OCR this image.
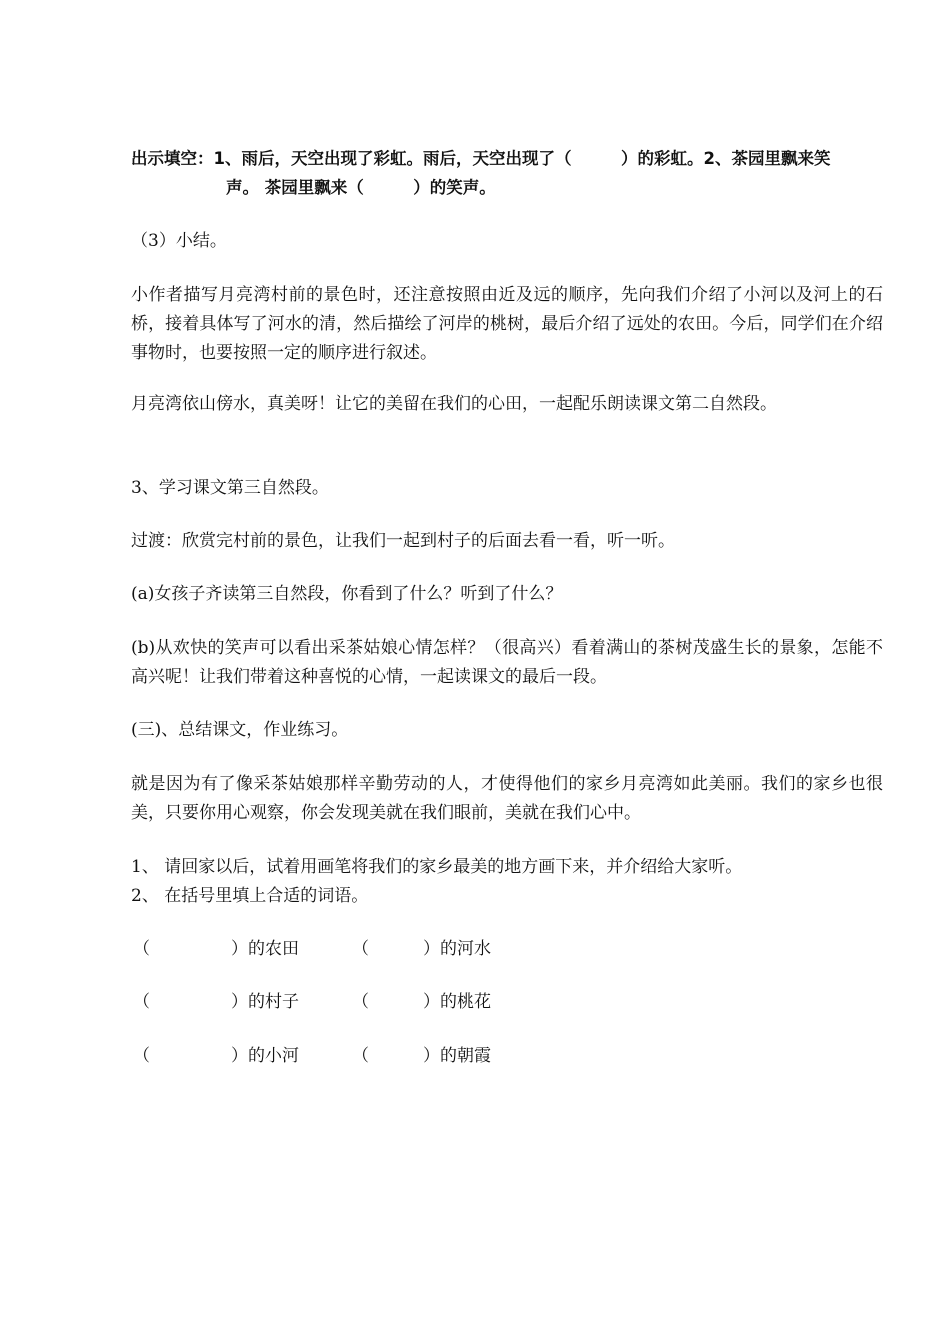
出示填空：1、雨后，天空出现了彩虹。雨后，天空出现了（　　　）的彩虹。2、茶园里飘来笑
声。 茶园里飘来（　　　）的笑声。
（3）小结。
小作者描写月亮湾村前的景色时，还注意按照由近及远的顺序，先向我们介绍了小河以及河上的石桥，接着具体写了河水的清，然后描绘了河岸的桃树，最后介绍了远处的农田。今后，同学们在介绍事物时，也要按照一定的顺序进行叙述。
月亮湾依山傍水，真美呀！让它的美留在我们的心田，一起配乐朗读课文第二自然段。
3、学习课文第三自然段。
过渡：欣赏完村前的景色，让我们一起到村子的后面去看一看，听一听。
(a)女孩子齐读第三自然段，你看到了什么？听到了什么？
(b)从欢快的笑声可以看出采茶姑娘心情怎样？（很高兴）看着满山的茶树茂盛生长的景象，怎能不高兴呢！让我们带着这种喜悦的心情，一起读课文的最后一段。
(三)、总结课文，作业练习。
就是因为有了像采茶姑娘那样辛勤劳动的人，才使得他们的家乡月亮湾如此美丽。我们的家乡也很美，只要你用心观察，你会发现美就在我们眼前，美就在我们心中。
1、 请回家以后，试着用画笔将我们的家乡最美的地方画下来，并介绍给大家听。
2、 在括号里填上合适的词语。
（	）的农田	（	）的河水
（	）的村子	（	）的桃花
（	）的小河	（	）的朝霞
